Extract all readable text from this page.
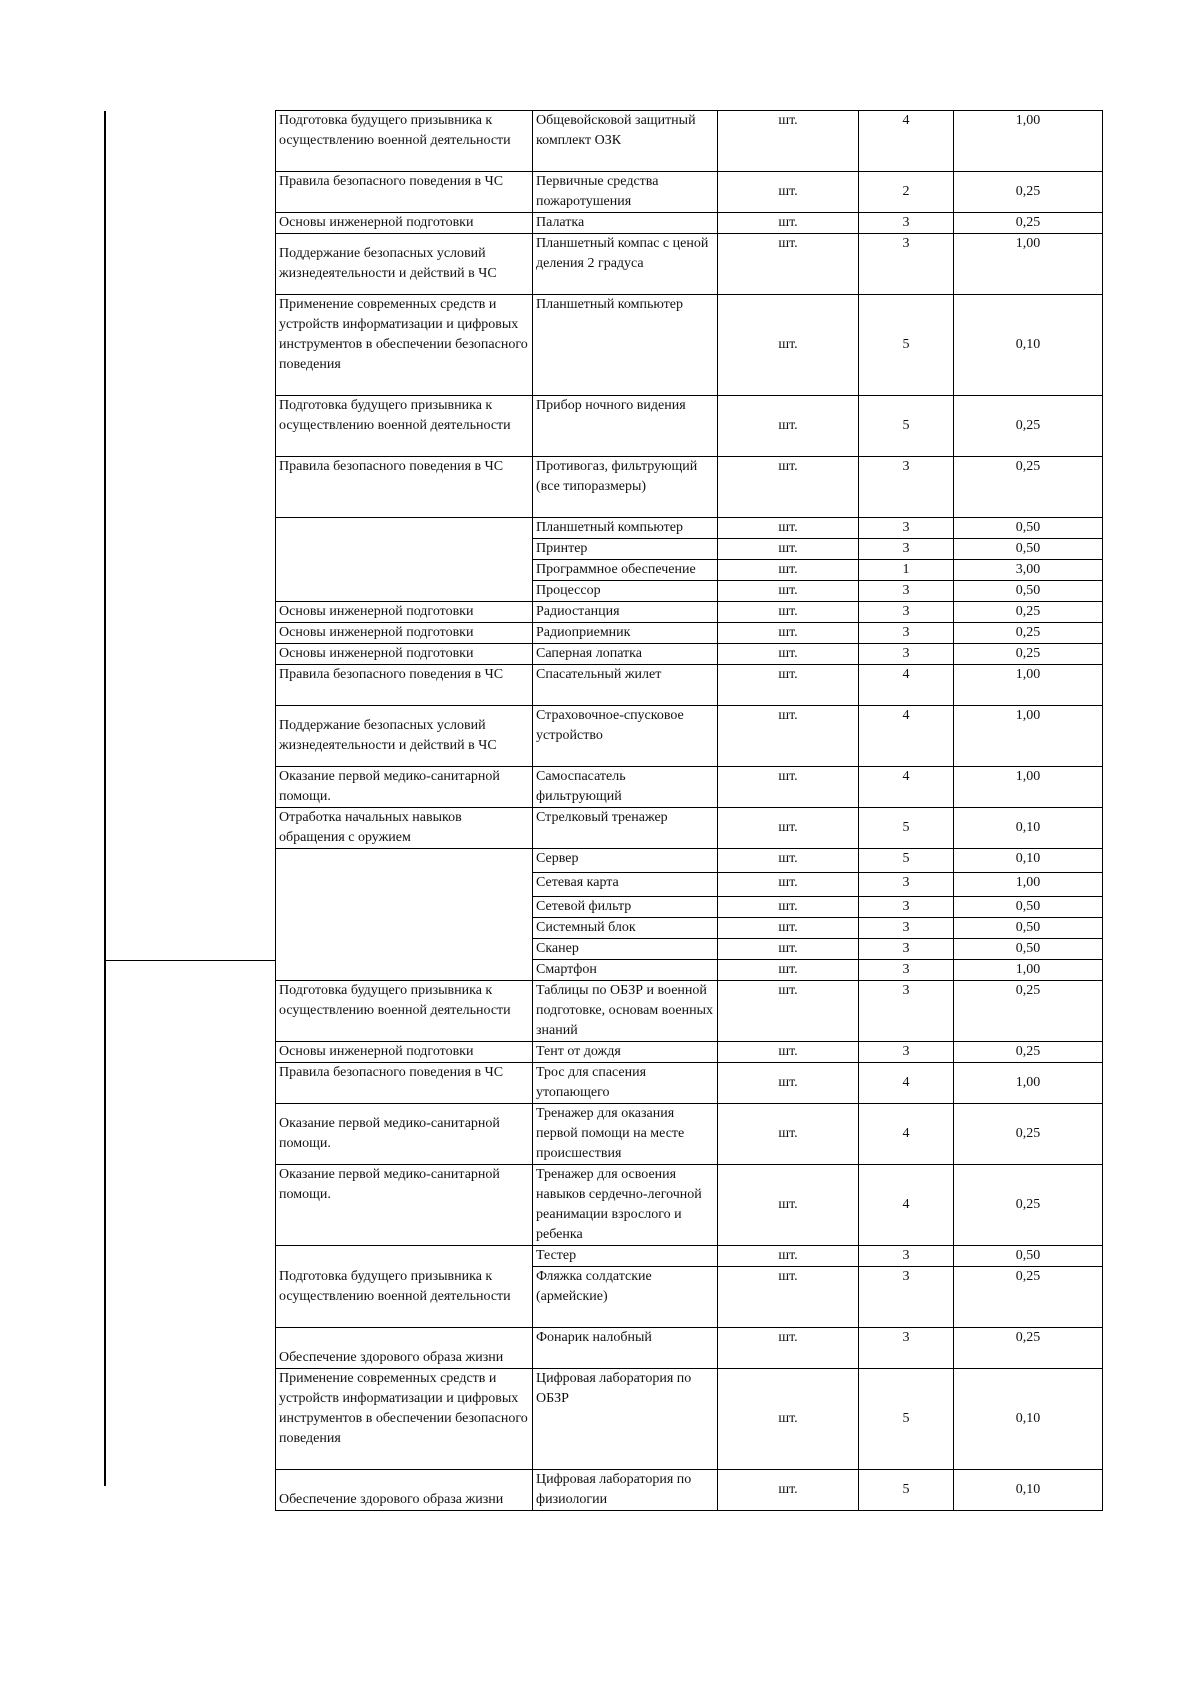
Подготовка будущего призывника к осуществлению военной деятельности	Общевойсковой защитный комплект ОЗК	шт.	4	1,00
Правила безопасного поведения в ЧС	Первичные средства пожаротушения	шт.	2	0,25
Основы инженерной подготовки	Палатка	шт.	3	0,25
Поддержание безопасных условий жизнедеятельности и действий в ЧС	Планшетный компас с ценой деления 2 градуса	шт.	3	1,00
Применение современных средств и устройств информатизации и цифровых инструментов в обеспечении безопасного поведения	Планшетный компьютер	шт.	5	0,10
Подготовка будущего призывника к осуществлению военной деятельности	Прибор ночного видения	шт.	5	0,25
Правила безопасного поведения в ЧС	Противогаз, фильтрующий (все типоразмеры)	шт.	3	0,25
	Планшетный компьютер	шт.	3	0,50
	Принтер	шт.	3	0,50
	Программное обеспечение	шт.	1	3,00
	Процессор	шт.	3	0,50
Основы инженерной подготовки	Радиостанция	шт.	3	0,25
Основы инженерной подготовки	Радиоприемник	шт.	3	0,25
Основы инженерной подготовки	Саперная лопатка	шт.	3	0,25
Правила безопасного поведения в ЧС	Спасательный жилет	шт.	4	1,00
Поддержание безопасных условий жизнедеятельности и действий в ЧС	Страховочное-спусковое устройство	шт.	4	1,00
Оказание первой медико-санитарной помощи.	Самоспасатель фильтрующий	шт.	4	1,00
Отработка начальных навыков обращения с оружием	Стрелковый тренажер	шт.	5	0,10
	Сервер	шт.	5	0,10
	Сетевая карта	шт.	3	1,00
	Сетевой фильтр	шт.	3	0,50
	Системный блок	шт.	3	0,50
	Сканер	шт.	3	0,50
	Смартфон	шт.	3	1,00
Подготовка будущего призывника к осуществлению военной деятельности	Таблицы по ОБЗР и военной подготовке, основам военных знаний	шт.	3	0,25
Основы инженерной подготовки	Тент от дождя	шт.	3	0,25
Правила безопасного поведения в ЧС	Трос для спасения утопающего	шт.	4	1,00
Оказание первой медико-санитарной помощи.	Тренажер для оказания первой помощи на месте происшествия	шт.	4	0,25
Оказание первой медико-санитарной помощи.	Тренажер для освоения навыков сердечно-легочной реанимации взрослого и ребенка	шт.	4	0,25
Подготовка будущего призывника к осуществлению военной деятельности	Тестер	шт.	3	0,50
	Фляжка солдатские (армейские)	шт.	3	0,25
Обеспечение здорового образа жизни	Фонарик налобный	шт.	3	0,25
Применение современных средств и устройств информатизации и цифровых инструментов в обеспечении безопасного поведения	Цифровая лаборатория по ОБЗР	шт.	5	0,10
Обеспечение здорового образа жизни	Цифровая лаборатория по физиологии	шт.	5	0,10
